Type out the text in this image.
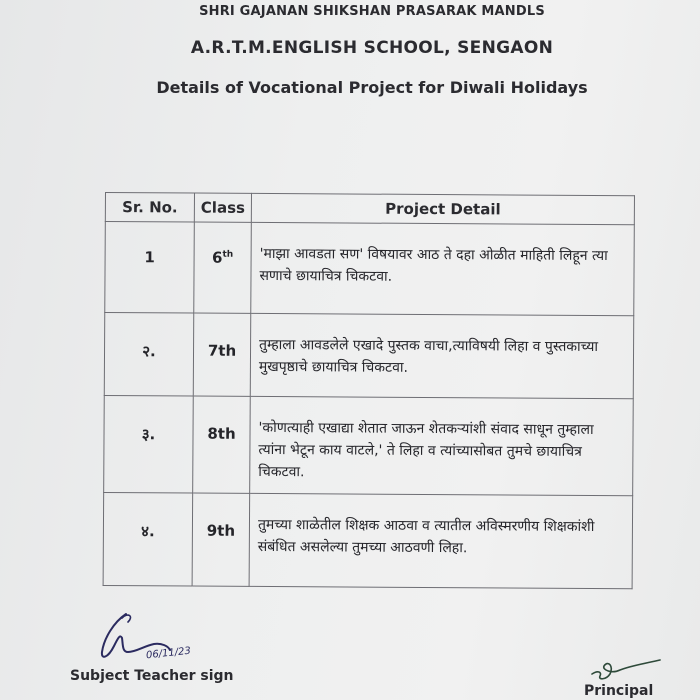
SHRI GAJANAN SHIKSHAN PRASARAK MANDLS
A.R.T.M.ENGLISH SCHOOL, SENGAON
Details of Vocational Project for Diwali Holidays
Sr. No.	Class	Project Detail
1	6th	'माझा आवडता सण' विषयावर आठ ते दहा ओळीत माहिती लिहून त्या सणाचे छायाचित्र चिकटवा.
२.	7th	तुम्हाला आवडलेले एखादे पुस्तक वाचा,त्याविषयी लिहा व पुस्तकाच्या मुखपृष्ठाचे छायाचित्र चिकटवा.
३.	8th	'कोणत्याही एखाद्या शेतात जाऊन शेतकऱ्यांशी संवाद साधून तुम्हाला त्यांना भेटून काय वाटले,' ते लिहा व त्यांच्यासोबत तुमचे छायाचित्र चिकटवा.
४.	9th	तुमच्या शाळेतील शिक्षक आठवा व त्यातील अविस्मरणीय शिक्षकांशी संबंधित असलेल्या तुमच्या आठवणी लिहा.
06/11/23
Subject Teacher sign
Principal
